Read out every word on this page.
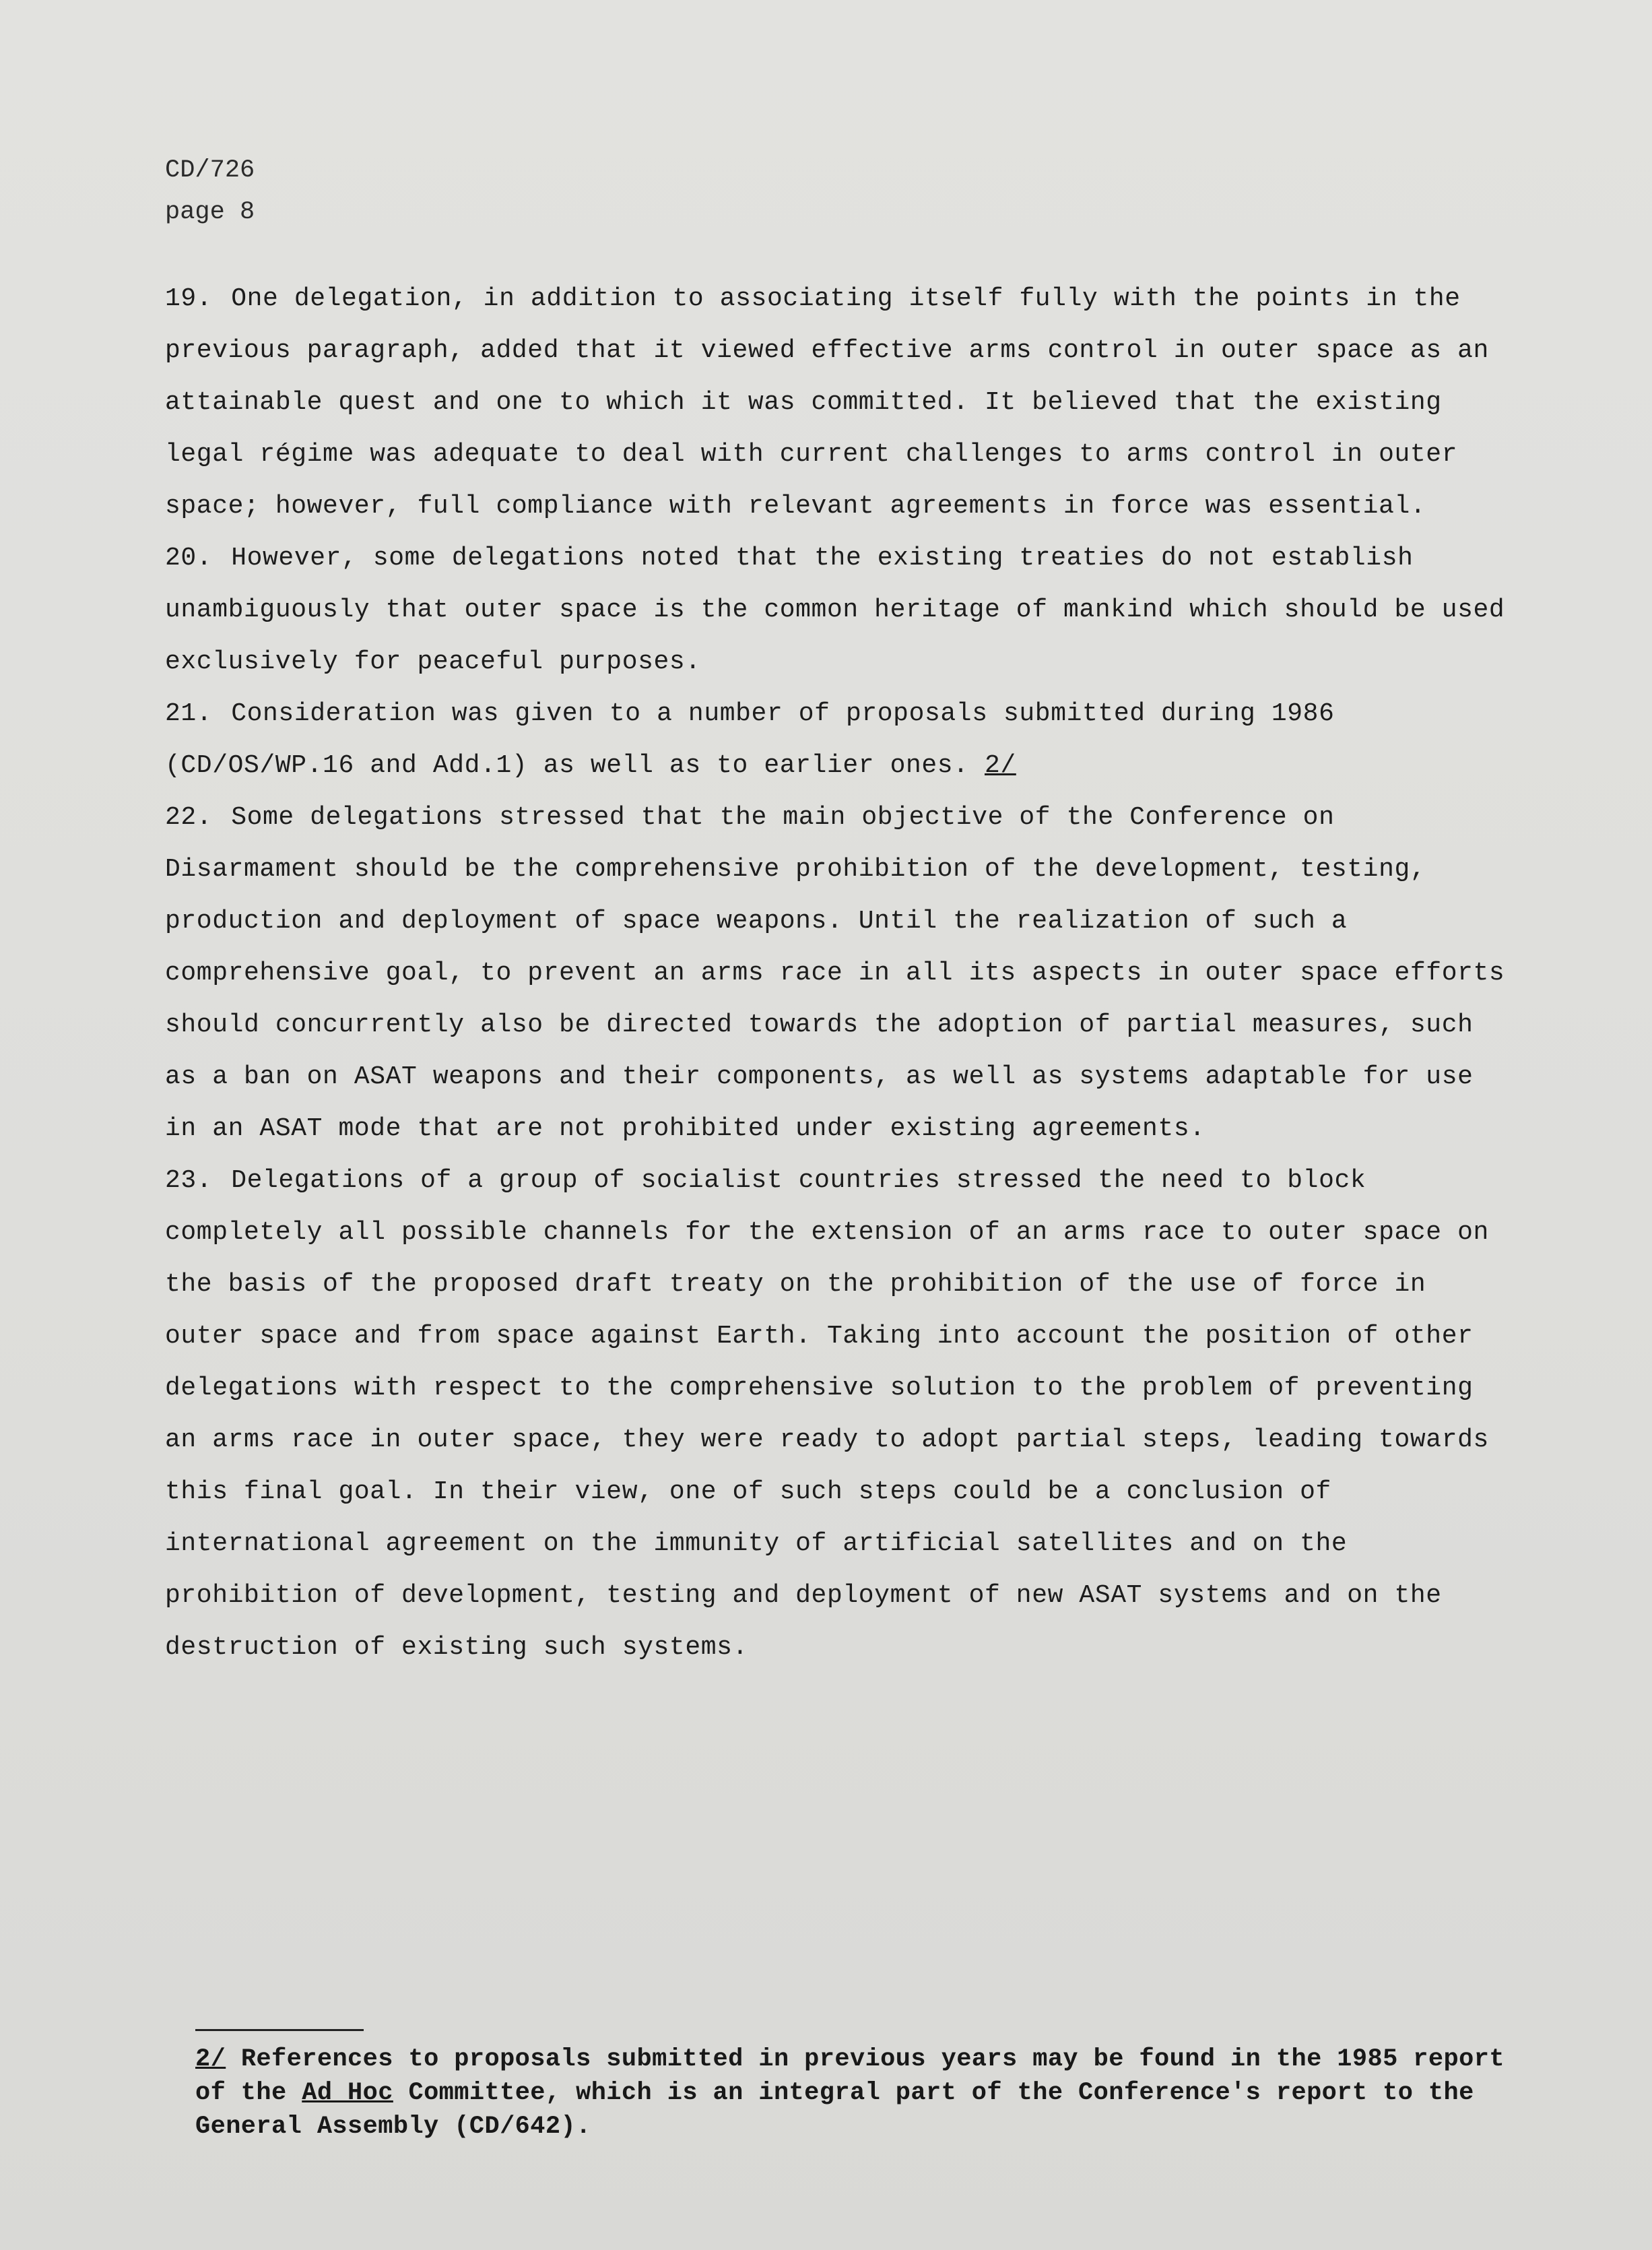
CD/726
page 8

19. One delegation, in addition to associating itself fully with the points in the previous paragraph, added that it viewed effective arms control in outer space as an attainable quest and one to which it was committed. It believed that the existing legal régime was adequate to deal with current challenges to arms control in outer space; however, full compliance with relevant agreements in force was essential.

20. However, some delegations noted that the existing treaties do not establish unambiguously that outer space is the common heritage of mankind which should be used exclusively for peaceful purposes.

21. Consideration was given to a number of proposals submitted during 1986 (CD/OS/WP.16 and Add.1) as well as to earlier ones. 2/

22. Some delegations stressed that the main objective of the Conference on Disarmament should be the comprehensive prohibition of the development, testing, production and deployment of space weapons. Until the realization of such a comprehensive goal, to prevent an arms race in all its aspects in outer space efforts should concurrently also be directed towards the adoption of partial measures, such as a ban on ASAT weapons and their components, as well as systems adaptable for use in an ASAT mode that are not prohibited under existing agreements.

23. Delegations of a group of socialist countries stressed the need to block completely all possible channels for the extension of an arms race to outer space on the basis of the proposed draft treaty on the prohibition of the use of force in outer space and from space against Earth. Taking into account the position of other delegations with respect to the comprehensive solution to the problem of preventing an arms race in outer space, they were ready to adopt partial steps, leading towards this final goal. In their view, one of such steps could be a conclusion of international agreement on the immunity of artificial satellites and on the prohibition of development, testing and deployment of new ASAT systems and on the destruction of existing such systems.

2/ References to proposals submitted in previous years may be found in the 1985 report of the Ad Hoc Committee, which is an integral part of the Conference's report to the General Assembly (CD/642).
